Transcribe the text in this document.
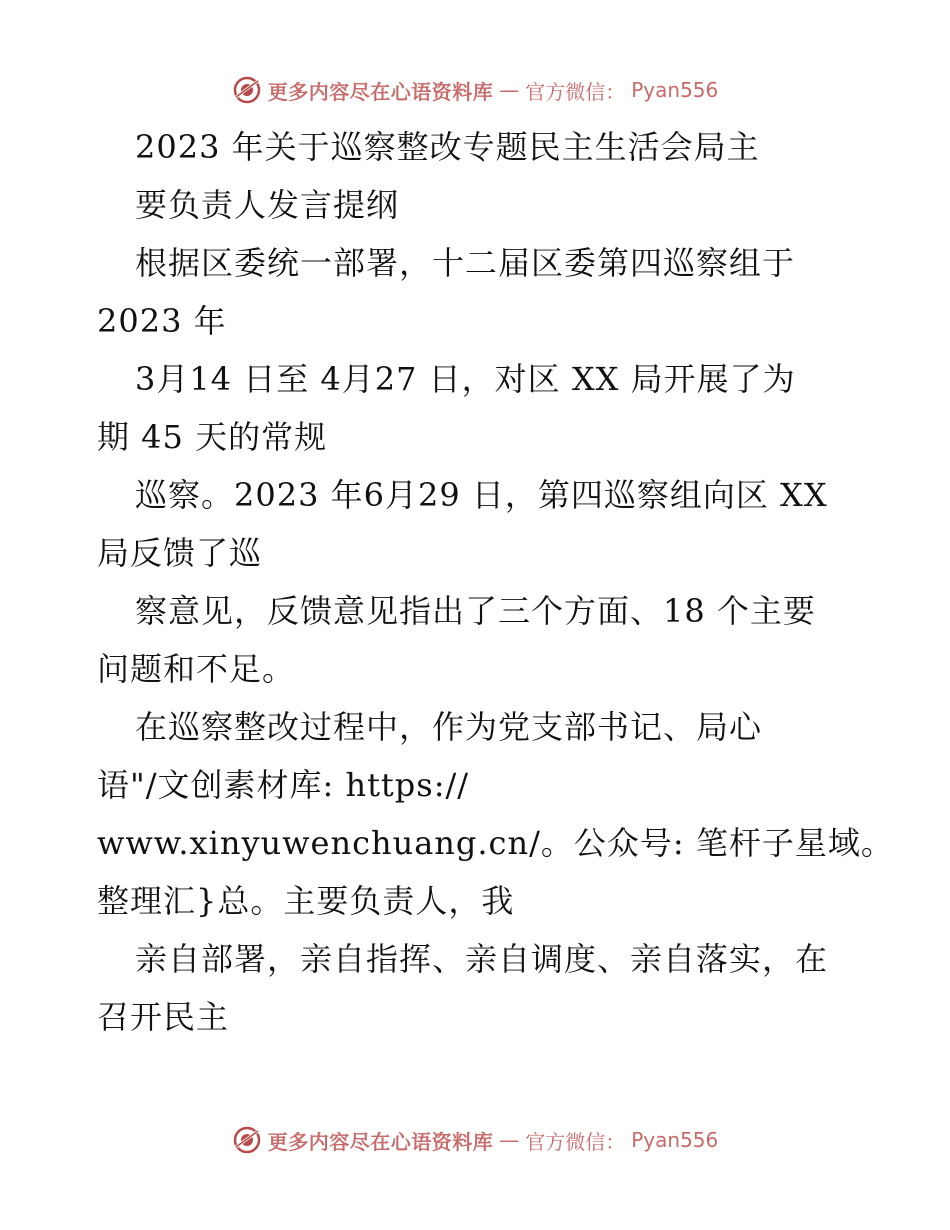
更多内容尽在心语资料库 — 官方微信： Pyan556
2023 年关于巡察整改专题民主生活会局主
要负责人发言提纲
根据区委统一部署，十二届区委第四巡察组于
2023 年
3月14 日至 4月27 日，对区 XX 局开展了为
期 45 天的常规
巡察。2023 年6月29 日，第四巡察组向区 XX
局反馈了巡
察意见，反馈意见指出了三个方面、18 个主要
问题和不足。
在巡察整改过程中，作为党支部书记、局心
语"/文创素材库: https://
www.xinyuwenchuang.cn/。公众号: 笔杆子星域。
整理汇}总。主要负责人，我
亲自部署，亲自指挥、亲自调度、亲自落实，在
召开民主
更多内容尽在心语资料库 — 官方微信： Pyan556
